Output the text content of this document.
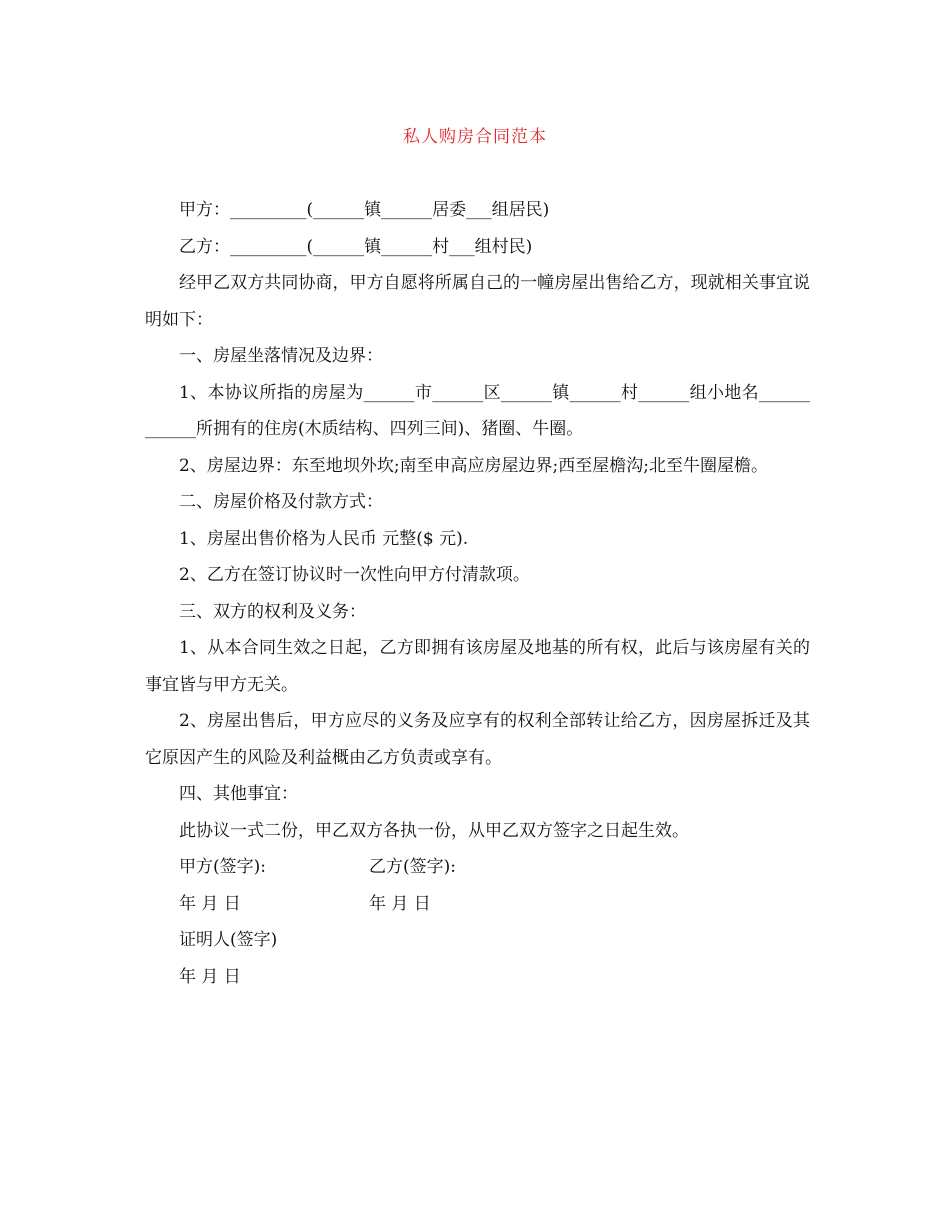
私人购房合同范本

甲方：_________(______镇______居委___组居民)

乙方：_________(______镇______村___组村民)

经甲乙双方共同协商，甲方自愿将所属自己的一幢房屋出售给乙方，现就相关事宜说明如下：

一、房屋坐落情况及边界：

1、本协议所指的房屋为______市______区______镇______村______组小地名____________所拥有的住房(木质结构、四列三间)、猪圈、牛圈。

2、房屋边界：东至地坝外坎;南至申高应房屋边界;西至屋檐沟;北至牛圈屋檐。

二、房屋价格及付款方式：

1、房屋出售价格为人民币 元整($ 元).

2、乙方在签订协议时一次性向甲方付清款项。

三、双方的权利及义务：

1、从本合同生效之日起，乙方即拥有该房屋及地基的所有权，此后与该房屋有关的事宜皆与甲方无关。

2、房屋出售后，甲方应尽的义务及应享有的权利全部转让给乙方，因房屋拆迁及其它原因产生的风险及利益概由乙方负责或享有。

四、其他事宜：

此协议一式二份，甲乙双方各执一份，从甲乙双方签字之日起生效。

甲方(签字):	乙方(签字):
年 月 日	年 月 日
证明人(签字)
年 月 日
